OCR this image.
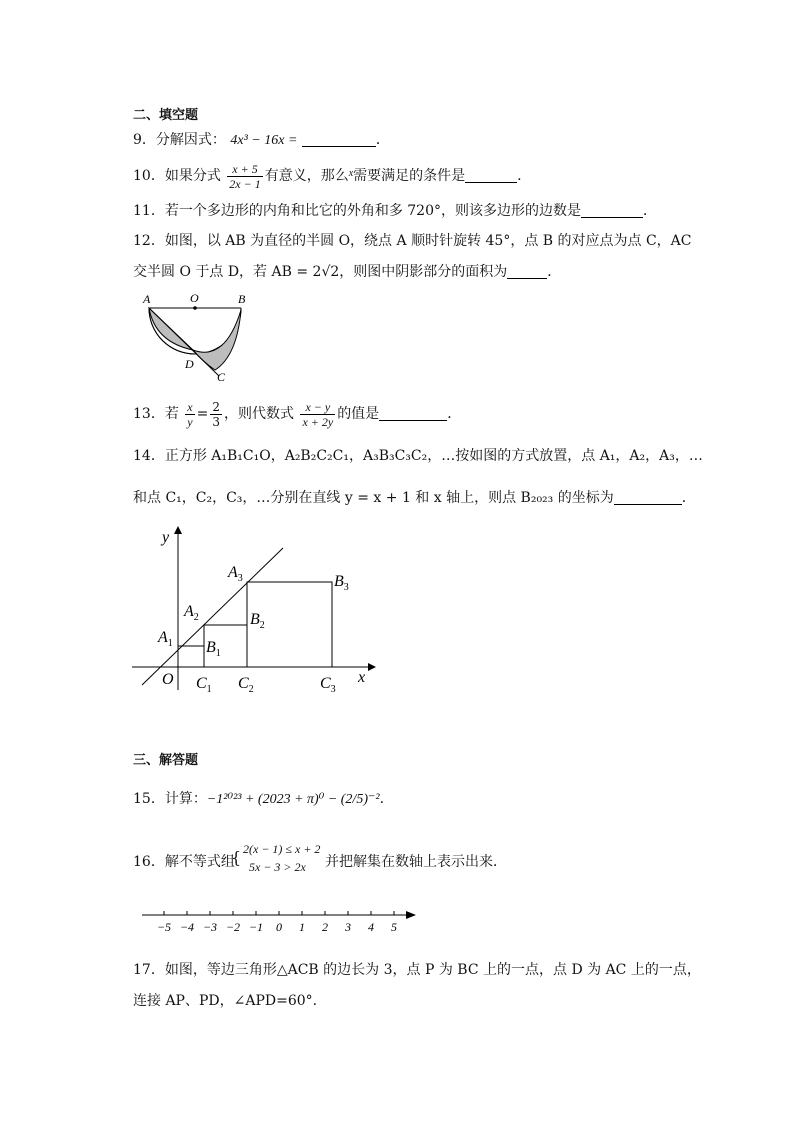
二、填空题
9．分解因式： 4x³ − 16x =	．
10．如果分式 $\frac{x + 5}{2x - 1}$ 有意义，那么$^x$需要满足的条件是	.
11．若一个多边形的内角和比它的外角和多 720°，则该多边形的边数是	．
12．如图，以 AB 为直径的半圆 O，绕点 A 顺时针旋转 45°，点 B 的对应点为点 C，AC
交半圆 O 于点 D，若 AB = 2√2，则图中阴影部分的面积为	．
A	O	B
D
C
13．若 $\frac{x}{y} = \frac{2}{3}$ ，则代数式 $\frac{x - y}{x + 2y}$ 的值是	．
14．正方形 A₁B₁C₁O，A₂B₂C₂C₁，A₃B₃C₃C₂，…按如图的方式放置，点 A₁，A₂，A₃，…
和点 C₁，C₂，C₃，…分别在直线 y = x + 1 和 x 轴上，则点 B₂₀₂₃ 的坐标为	．
y
x
O
$A_1$
$A_2$
$A_3$
$B_1$
$B_2$
$B_3$
$C_1$ $C_2$	$C_3$
三、解答题
15．计算：−1²⁰²³ + (2023 + π)⁰ − (2/5)⁻².
16．解不等式组
{ 2(x − 1) ≤ x + 2
5x − 3 > 2x	并把解集在数轴上表示出来．
−5 −4 −3 −2 −1 0 1 2 3 4 5
17．如图，等边三角形△ACB 的边长为 3，点 P 为 BC 上的一点，点 D 为 AC 上的一点，
连接 AP、PD，∠APD=60°.
